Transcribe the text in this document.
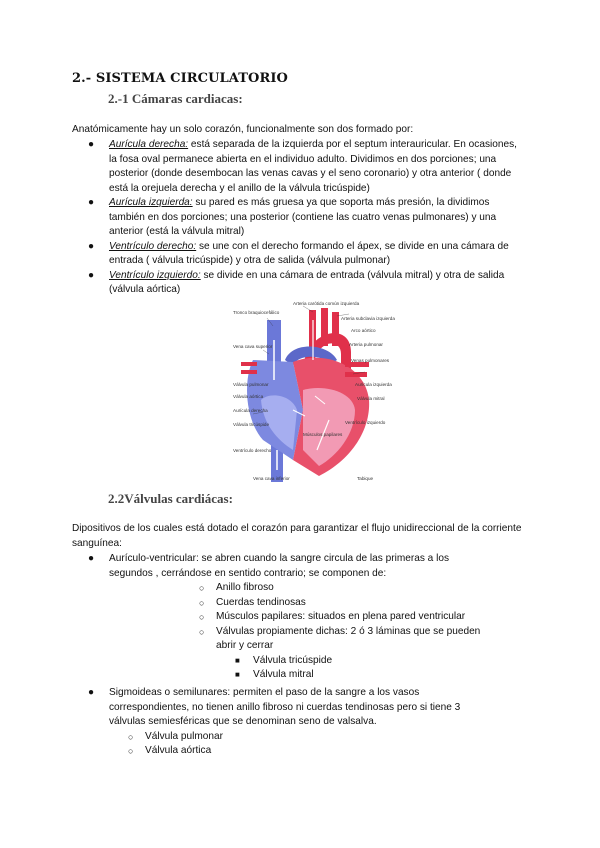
2.- SISTEMA CIRCULATORIO
2.-1 Cámaras cardiacas:

Anatómicamente hay un solo corazón, funcionalmente son dos formado por:

● Aurícula derecha: está separada de la izquierda por el septum interauricular. En ocasiones, la fosa oval permanece abierta en el individuo adulto. Dividimos en dos porciones; una posterior (donde desembocan las venas cavas y el seno coronario) y otra anterior ( donde está la orejuela derecha y el anillo de la válvula tricúspide)
● Aurícula izquierda: su pared es más gruesa ya que soporta más presión, la dividimos también en dos porciones; una posterior (contiene las cuatro venas pulmonares) y una anterior (está la válvula mitral)
● Ventrículo derecho: se une con el derecho formando el ápex, se divide en una cámara de entrada ( válvula tricúspide) y otra de salida (válvula pulmonar)
● Ventrículo izquierdo: se divide en una cámara de entrada (válvula mitral) y otra de salida (válvula aórtica)
Arteria carótida común izquierda
Tronco braquiocefálico
Arteria subclavia izquierda
Arco aórtico
Vena cava superior	Arteria pulmonar
Venas pulmonares
Válvula pulmonar	Aurícula izquierda
Válvula aórtica	Válvula mitral
Aurícula derecha
Ventrículo izquierdo
Válvula tricúspide
Ventrículo derecho
Vena cava inferior	Tabique
Músculos papilares
2.2Válvulas cardiácas:

Dipositivos de los cuales está dotado el corazón para garantizar el flujo unidireccional de la corriente sanguínea:

● Aurículo-ventricular: se abren cuando la sangre circula de las primeras a los segundos , cerrándose en sentido contrario; se componen de:
○ Anillo fibroso
○ Cuerdas tendinosas
○ Músculos papilares: situados en plena pared ventricular
○ Válvulas propiamente dichas: 2 ó 3 láminas que se pueden abrir y cerrar
■ Válvula tricúspide
■ Válvula mitral
● Sigmoideas o semilunares: permiten el paso de la sangre a los vasos correspondientes, no tienen anillo fibroso ni cuerdas tendinosas pero si tiene 3 válvulas semiesféricas que se denominan seno de valsalva.
○ Válvula pulmonar
○ Válvula aórtica
